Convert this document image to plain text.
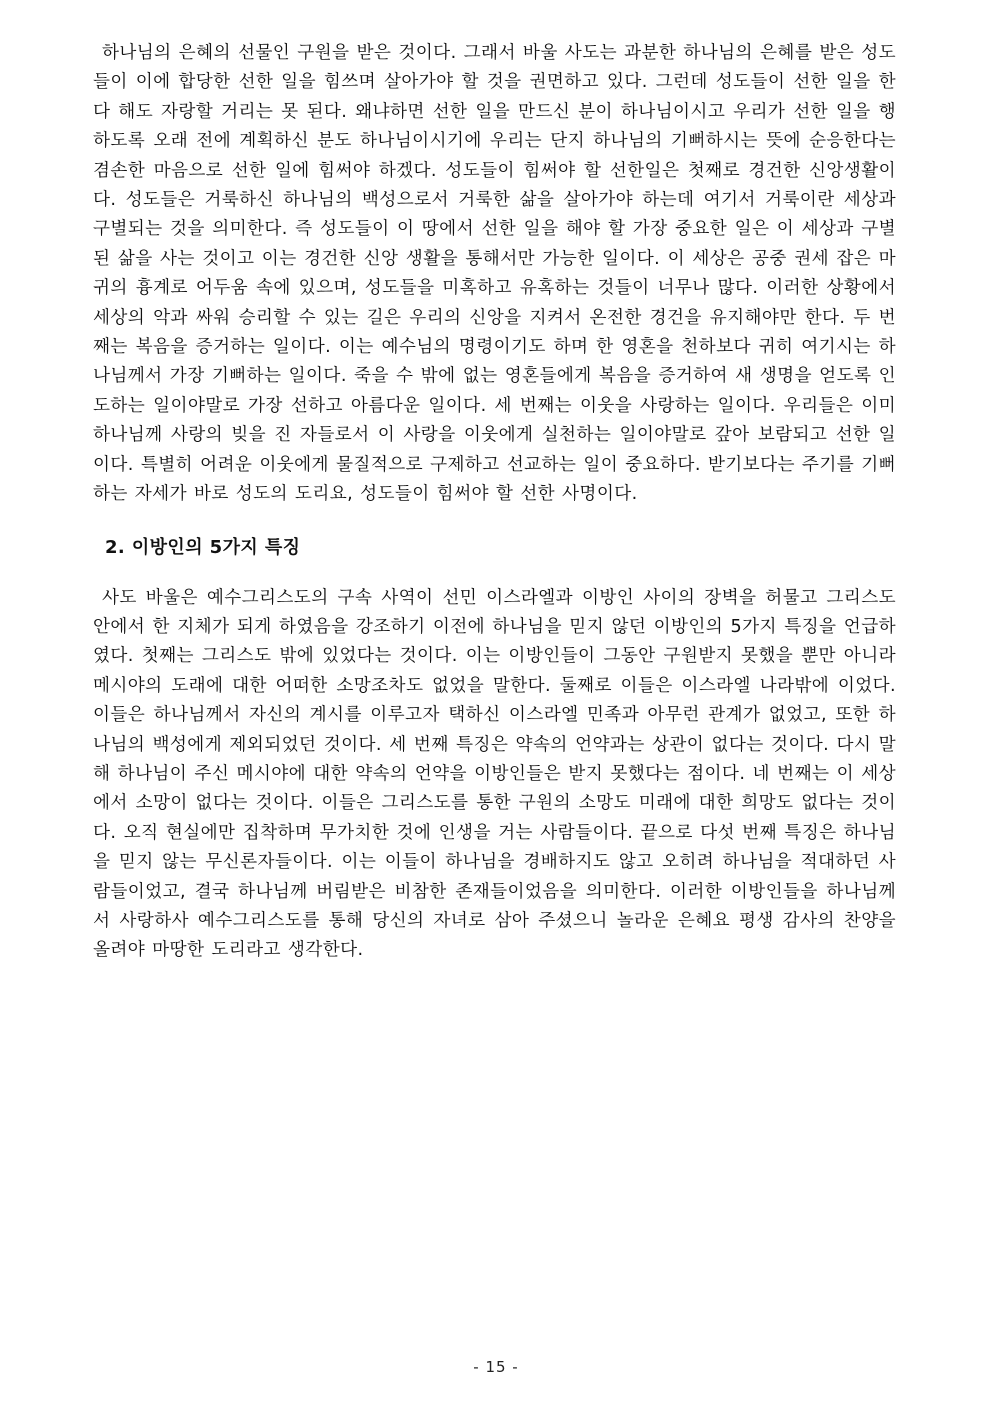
하나님의 은혜의 선물인 구원을 받은 것이다. 그래서 바울 사도는 과분한 하나님의 은혜를 받은 성도들이 이에 합당한 선한 일을 힘쓰며 살아가야 할 것을 권면하고 있다. 그런데 성도들이 선한 일을 한다 해도 자랑할 거리는 못 된다. 왜냐하면 선한 일을 만드신 분이 하나님이시고 우리가 선한 일을 행하도록 오래 전에 계획하신 분도 하나님이시기에 우리는 단지 하나님의 기뻐하시는 뜻에 순응한다는 겸손한 마음으로 선한 일에 힘써야 하겠다. 성도들이 힘써야 할 선한일은 첫째로 경건한 신앙생활이다. 성도들은 거룩하신 하나님의 백성으로서 거룩한 삶을 살아가야 하는데 여기서 거룩이란 세상과 구별되는 것을 의미한다. 즉 성도들이 이 땅에서 선한 일을 해야 할 가장 중요한 일은 이 세상과 구별된 삶을 사는 것이고 이는 경건한 신앙 생활을 통해서만 가능한 일이다. 이 세상은 공중 권세 잡은 마귀의 흉계로 어두움 속에 있으며, 성도들을 미혹하고 유혹하는 것들이 너무나 많다. 이러한 상황에서 세상의 악과 싸워 승리할 수 있는 길은 우리의 신앙을 지켜서 온전한 경건을 유지해야만 한다. 두 번째는 복음을 증거하는 일이다. 이는 예수님의 명령이기도 하며 한 영혼을 천하보다 귀히 여기시는 하나님께서 가장 기뻐하는 일이다. 죽을 수 밖에 없는 영혼들에게 복음을 증거하여 새 생명을 얻도록 인도하는 일이야말로 가장 선하고 아름다운 일이다. 세 번째는 이웃을 사랑하는 일이다. 우리들은 이미 하나님께 사랑의 빚을 진 자들로서 이 사랑을 이웃에게 실천하는 일이야말로 갚아 보람되고 선한 일이다. 특별히 어려운 이웃에게 물질적으로 구제하고 선교하는 일이 중요하다. 받기보다는 주기를 기뻐하는 자세가 바로 성도의 도리요, 성도들이 힘써야 할 선한 사명이다.

2. 이방인의 5가지 특징

사도 바울은 예수그리스도의 구속 사역이 선민 이스라엘과 이방인 사이의 장벽을 허물고 그리스도 안에서 한 지체가 되게 하였음을 강조하기 이전에 하나님을 믿지 않던 이방인의 5가지 특징을 언급하였다. 첫째는 그리스도 밖에 있었다는 것이다. 이는 이방인들이 그동안 구원받지 못했을 뿐만 아니라 메시야의 도래에 대한 어떠한 소망조차도 없었을 말한다. 둘째로 이들은 이스라엘 나라밖에 이었다. 이들은 하나님께서 자신의 계시를 이루고자 택하신 이스라엘 민족과 아무런 관계가 없었고, 또한 하나님의 백성에게 제외되었던 것이다. 세 번째 특징은 약속의 언약과는 상관이 없다는 것이다. 다시 말해 하나님이 주신 메시야에 대한 약속의 언약을 이방인들은 받지 못했다는 점이다. 네 번째는 이 세상에서 소망이 없다는 것이다. 이들은 그리스도를 통한 구원의 소망도 미래에 대한 희망도 없다는 것이다. 오직 현실에만 집착하며 무가치한 것에 인생을 거는 사람들이다. 끝으로 다섯 번째 특징은 하나님을 믿지 않는 무신론자들이다. 이는 이들이 하나님을 경배하지도 않고 오히려 하나님을 적대하던 사람들이었고, 결국 하나님께 버림받은 비참한 존재들이었음을 의미한다. 이러한 이방인들을 하나님께서 사랑하사 예수그리스도를 통해 당신의 자녀로 삼아 주셨으니 놀라운 은혜요 평생 감사의 찬양을 올려야 마땅한 도리라고 생각한다.

- 15 -
